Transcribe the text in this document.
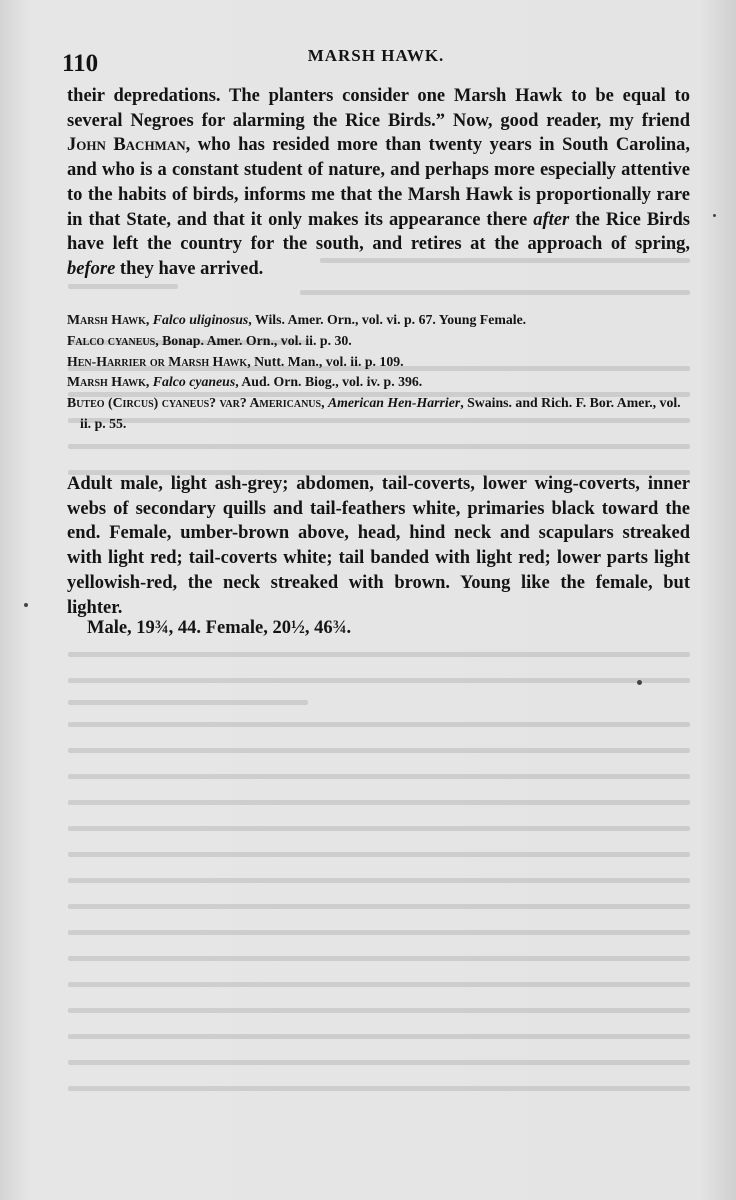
110	MARSH HAWK.
their depredations. The planters consider one Marsh Hawk to be equal to several Negroes for alarming the Rice Birds.” Now, good reader, my friend John Bachman, who has resided more than twenty years in South Carolina, and who is a constant student of nature, and perhaps more especially attentive to the habits of birds, informs me that the Marsh Hawk is proportionally rare in that State, and that it only makes its appearance there after the Rice Birds have left the country for the south, and retires at the approach of spring, before they have arrived.
Marsh Hawk, Falco uliginosus, Wils. Amer. Orn., vol. vi. p. 67. Young Female.
Falco cyaneus, Bonap. Amer. Orn., vol. ii. p. 30.
Hen-Harrier or Marsh Hawk, Nutt. Man., vol. ii. p. 109.
Marsh Hawk, Falco cyaneus, Aud. Orn. Biog., vol. iv. p. 396.
Buteo (Circus) cyaneus? var? Americanus, American Hen-Harrier, Swains. and Rich. F. Bor. Amer., vol. ii. p. 55.
Adult male, light ash-grey; abdomen, tail-coverts, lower wing-coverts, inner webs of secondary quills and tail-feathers white, primaries black toward the end. Female, umber-brown above, head, hind neck and scapulars streaked with light red; tail-coverts white; tail banded with light red; lower parts light yellowish-red, the neck streaked with brown. Young like the female, but lighter.
Male, 19¾, 44. Female, 20½, 46¾.
